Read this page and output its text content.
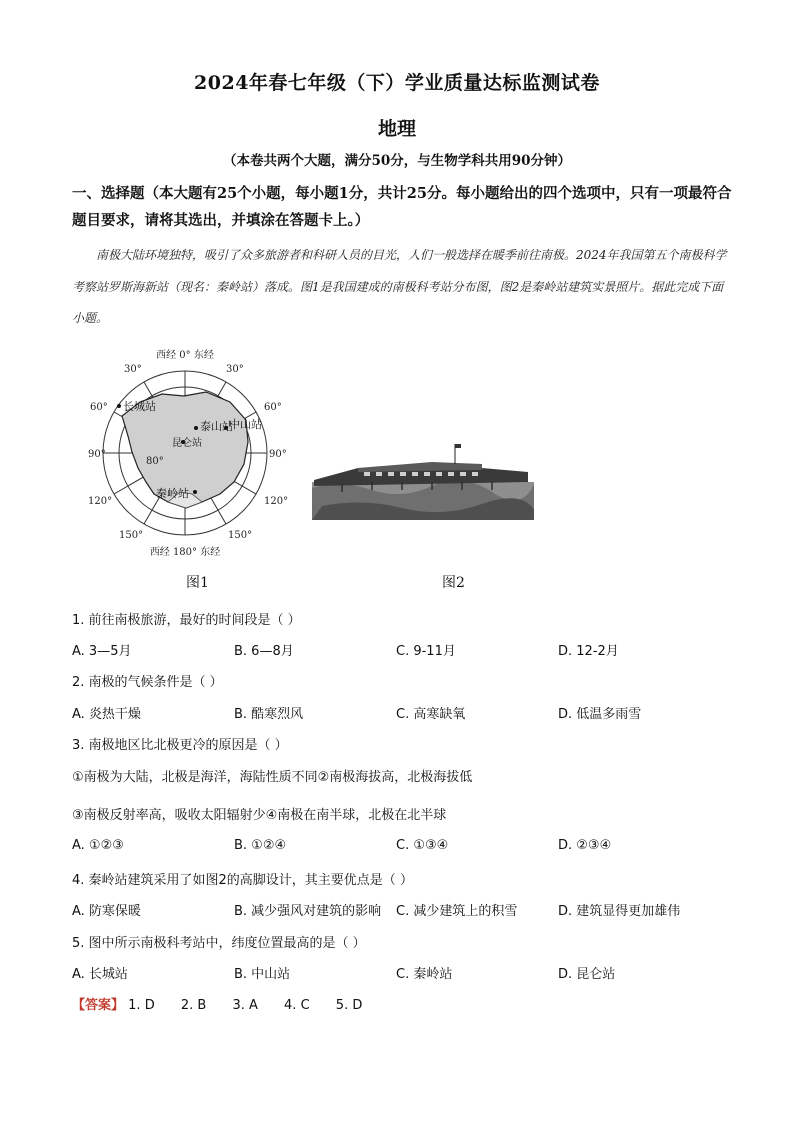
2024年春七年级（下）学业质量达标监测试卷
地理
（本卷共两个大题，满分50分，与生物学科共用90分钟）
一、选择题（本大题有25个小题，每小题1分，共计25分。每小题给出的四个选项中，只有一项最符合题目要求，请将其选出，并填涂在答题卡上。）
南极大陆环境独特，吸引了众多旅游者和科研人员的目光，人们一般选择在暖季前往南极。2024年我国第五个南极科学考察站罗斯海新站（现名：秦岭站）落成。图1是我国建成的南极科考站分布图，图2是秦岭站建筑实景照片。据此完成下面小题。
西经 0° 东经
西经 180° 东经
30°	30°
60°	60°
90°	90°
120°	120°
150°	150°
80°
长城站
泰山站
中山站
昆仑站
秦岭站
图1	图2
1. 前往南极旅游，最好的时间段是（ ）
A. 3—5月	B. 6—8月	C. 9-11月	D. 12-2月
2. 南极的气候条件是（ ）
A. 炎热干燥	B. 酷寒烈风	C. 高寒缺氧	D. 低温多雨雪
3. 南极地区比北极更冷的原因是（ ）
①南极为大陆，北极是海洋，海陆性质不同②南极海拔高，北极海拔低
③南极反射率高，吸收太阳辐射少④南极在南半球，北极在北半球
A. ①②③	B. ①②④	C. ①③④	D. ②③④
4. 秦岭站建筑采用了如图2的高脚设计，其主要优点是（ ）
A. 防寒保暖	B. 减少强风对建筑的影响 C. 减少建筑上的积雪	D. 建筑显得更加雄伟
5. 图中所示南极科考站中，纬度位置最高的是（ ）
A. 长城站	B. 中山站	C. 秦岭站	D. 昆仑站
【答案】 1. D 2. B 3. A 4. C 5. D
